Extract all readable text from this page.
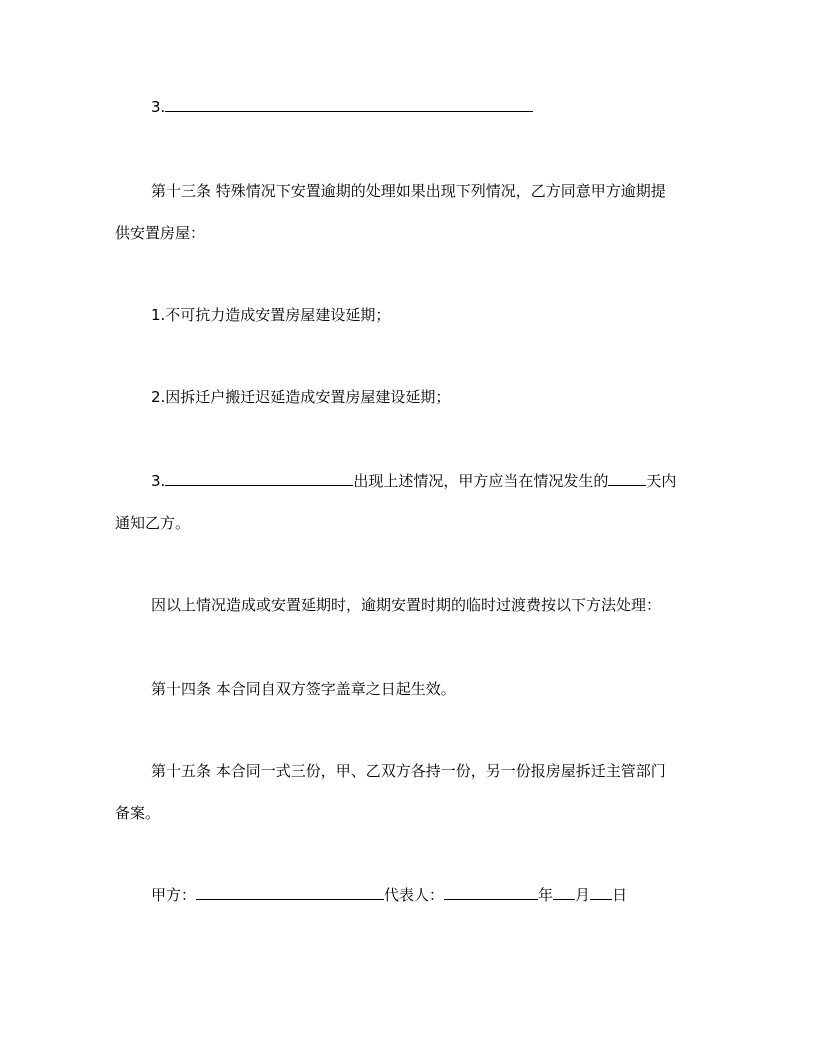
3.
第十三条 特殊情况下安置逾期的处理如果出现下列情况，乙方同意甲方逾期提
供安置房屋：
1.不可抗力造成安置房屋建设延期；
2.因拆迁户搬迁迟延造成安置房屋建设延期；
3.	出现上述情况，甲方应当在情况发生的	天内
通知乙方。
因以上情况造成或安置延期时，逾期安置时期的临时过渡费按以下方法处理：
第十四条 本合同自双方签字盖章之日起生效。
第十五条 本合同一式三份，甲、乙双方各持一份，另一份报房屋拆迁主管部门
备案。
甲方：	代表人：	年 月 日
